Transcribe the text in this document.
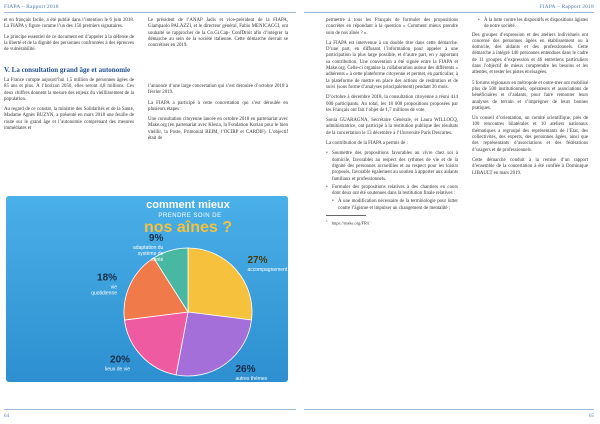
FIAPA – Rapport 2018

et en français facile, a été publié dans l’intention le 6 juin 2018. La FIAPA y figure comme l’un des 150 premiers signataires.

Le principe essentiel de ce document est d’appeler à la défense de la liberté et de la dignité des personnes confrontées à des épreuves de vulnérabilité.

Le président de l’ANAP Jadis et vice-président de la FIAPA, Giampaolo PALAZZI, et le directeur général, Fabio MENICACCI, ont souhaité se rapprocher de la Co.Gi.Cap- ConfDroit afin d’intégrer la démarche au sein de la société italienne. Cette démarche devrait se concrétiser en 2019.

V. La consultation grand âge et autonomie

La France compte aujourd’hui 1,5 million de personnes âgées de 85 ans et plus. À l’horizon 2050, elles seront 4,8 millions. Ces deux chiffres donnent la mesure des enjeux du vieillissement de la population.

Au regard de ce constat, la ministre des Solidarités et de la Santé, Madame Agnès BUZYN, a présenté en mars 2018 une feuille de route sur le grand âge et l’autonomie comprenant des mesures immédiates et

l’annonce d’une large concertation qui s’est déroulée d’octobre 2018 à février 2019.

La FIAPA a participé à cette concertation qui s’est déroulée en plusieurs étapes :

Une consultation citoyenne lancée en octobre 2018 en partenariat avec Make.org (en partenariat avec Klesia, la Fondation Korian pour le bien vieillir, la Poste, Primonial REIM, l’OCIRP et CARDIF). L’objectif était de

27%
accompagnement
26%
autres thèmes
20%
lieux de vie
18%
vie
quotidienne
9%
adaptation du
système de
santé
comment mieux
PRENDRE SOIN DE
nos aînes ?
64
FIAPA – Rapport 2018

permettre à tous les Français de formuler des propositions concrètes en répondant à la question « Comment mieux prendre soin de nos aînés ? ».

La FIAPA est intervenue à un double titre dans cette démarche. D’une part, en diffusant l’information pour appeler à une participation la plus large possible, et d’autre part, en y apportant sa contribution. Une convention a été signée entre la FIAPA et Make.org. Celle-ci organise la collaboration autour des différents « adhérents » à cette plateforme citoyenne et permet, en particulier, à la plateforme de mettre en place des actions de restitution et de suivi (sous forme d’analyses principalement) pendant 36 mois.

D’octobre à décembre 2018, la consultation citoyenne a réuni 414 000 participants. Au total, les 18 000 propositions proposées par les Français ont fait l’objet de 1,7 millions de vote.

Sonia GUARAGNA, Secrétaire Générale, et Laura WILLOCQ, administratrice, ont participé à la restitution publique des résultats de la concertation le 13 décembre à l’Université Paris Descartes.

La contribution de la FIAPA a permis de :

• Soumettre des propositions favorables au vivre chez soi à domicile, favorables au respect des rythmes de vie et de la dignité des personnes accueillies et au respect pour les loisirs proposés, favorable également au soutien à apporter aux aidants familiaux et professionnels.
• Formuler des propositions relatives à des chantiers en cours dont deux ont été soutenues dans la restitution finale relatives :
• À une modification nécessaire de la terminologie pour lutter contre l’âgisme et impulser un changement de mentalité ;
$^1$ https://make.org/FR/f
• À la lutte contre les dispositifs et dispositions âgistes de notre société.

Des groupes d’expression et des ateliers individuels ont concerné des personnes âgées en établissement ou à domicile, des aidants et des professionnels. Cette démarche a intégré 140 personnes entendues dans le cadre de 11 groupes d’expression et 46 entretiens particuliers dans l’objectif de mieux comprendre les besoins et les attentes, et tester les pistes envisagées.

5 forums régionaux en métropole et outre-mer ont mobilisé plus de 500 institutionnels, opérateurs et associations de bénéficiaires et d’aidants, pour faire remonter leurs analyses de terrain et s’imprégner de leurs bonnes pratiques.

Un conseil d’orientation, un comité scientifique, près de 100 rencontres bilatérales et 10 ateliers nationaux thématiques a regroupé des représentants de l’Etat, des collectivités, des experts, des personnes âgées, ainsi que des représentants d’associations et des fédérations d’usagers et de professionnels.

Cette démarche conduit à la remise d’un rapport d’ensemble de la concertation à été confiée à Dominique LIBAULT en mars 2019.

65
